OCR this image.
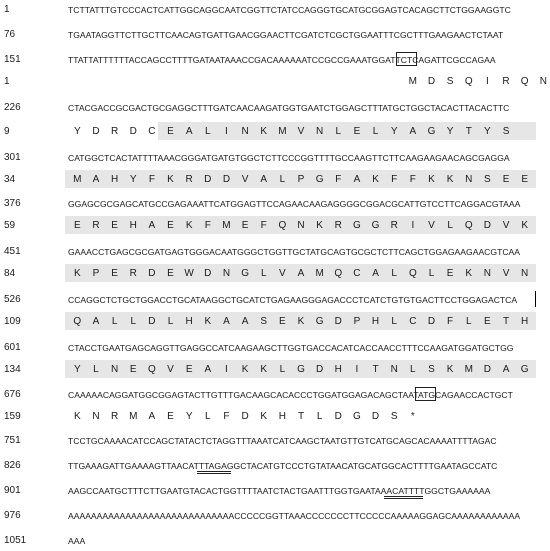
1	TCTTATTTGTCCCACTCATTGGCAGGCAATCGGTTCTATCCAGGGTGCATGCGGAGTCACAGCTTCTGGAAGGTC
76	TGAATAGGTTCTTGCTTCAACAGTGATTGAACGGAACTTCGATCTCGCTGGAATTTCGCTTTGAAGAACTCTAAT
151	TTATTATTTTTTACCAGCCTTTTGATAATAAACCGACAAAAAATCCGCCGAAATGGATTCTCAGATTCGCCAGAA
1	M	D	S	Q	I	R	Q	N
226	CTACGACCGCGACTGCGAGGCTTTGATCAACAAGATGGTGAATCTGGAGCTTTATGCTGGCTACACTTACACTTC
9	Y	D	R	D	C	E	A	L	I	N	K	M	V	N	L	E	L	Y	A	G	Y	T	Y	S
301	CATGGCTCACTATTTTAAACGGGATGATGTGGCTCTTCCCGGTTTTGCCAAGTTCTTCAAGAAGAACAGCGAGGA
34	M	A	H	Y	F	K	R	D	D	V	A	L	P	G	F	A	K	F	F	K	K	N	S	E	E
376	GGAGCGCGAGCATGCCGAGAAATTCATGGAGTTCCAGAACAAGAGGGGCGGACGCATTGTCCTTCAGGACGTAAA
59	E	R	E	H	A	E	K	F	M	E	F	Q	N	K	R	G	G	R	I	V	L	Q	D	V	K
451	GAAACCTGAGCGCGATGAGTGGGACAATGGGCTGGTTGCTATGCAGTGCGCTCTTCAGCTGGAGAAGAACGTCAA
84	K	P	E	R	D	E	W	D	N	G	L	V	A	M	Q	C	A	L	Q	L	E	K	N	V	N
526	CCAGGCTCTGCTGGACCTGCATAAGGCTGCATCTGAGAAGGGAGACCCTCATCTGTGTGACTTCCTGGAGACTCA
109	Q	A	L	L	D	L	H	K	A	A	S	E	K	G	D	P	H	L	C	D	F	L	E	T	H
601	CTACCTGAATGAGCAGGTTGAGGCCATCAAGAAGCTTGGTGACCACATCACCAACCTTTCCAAGATGGATGCTGG
134	Y	L	N	E	Q	V	E	A	I	K	K	L	G	D	H	I	T	N	L	S	K	M	D	A	G
676	CAAAAACAGGATGGCGGAGTACTTGTTTGACAAGCACACCCTGGATGGAGACAGCTAATATGCAGAACCACTGCT
159	K	N	R	M	A	E	Y	L	F	D	K	H	T	L	D	G	D	S	*
751	TCCTGCAAAACATCCAGCTATACTCTAGGTTTAAATCATCAAGCTAATGTTGTCATGCAGCACAAAATTTTAGAC
826	TTGAAAGATTGAAAAGTTAACATTTAGAGGCTACATGTCCCTGTATAACATGCATGGCACTTTTGAATAGCCATC
901	AAGCCAATGCTTTCTTGAATGTACACTGGTTTTAATCTACTGAATTTGGTGAATAAACATTTTGGCTGAAAAAA
976	AAAAAAAAAAAAAAAAAAAAAAAAAAAAACCCCCGGTTAAACCCCCCCTTCCCCCAAAAAGGAGCAAAAAAAAAAAA
1051	AAA
